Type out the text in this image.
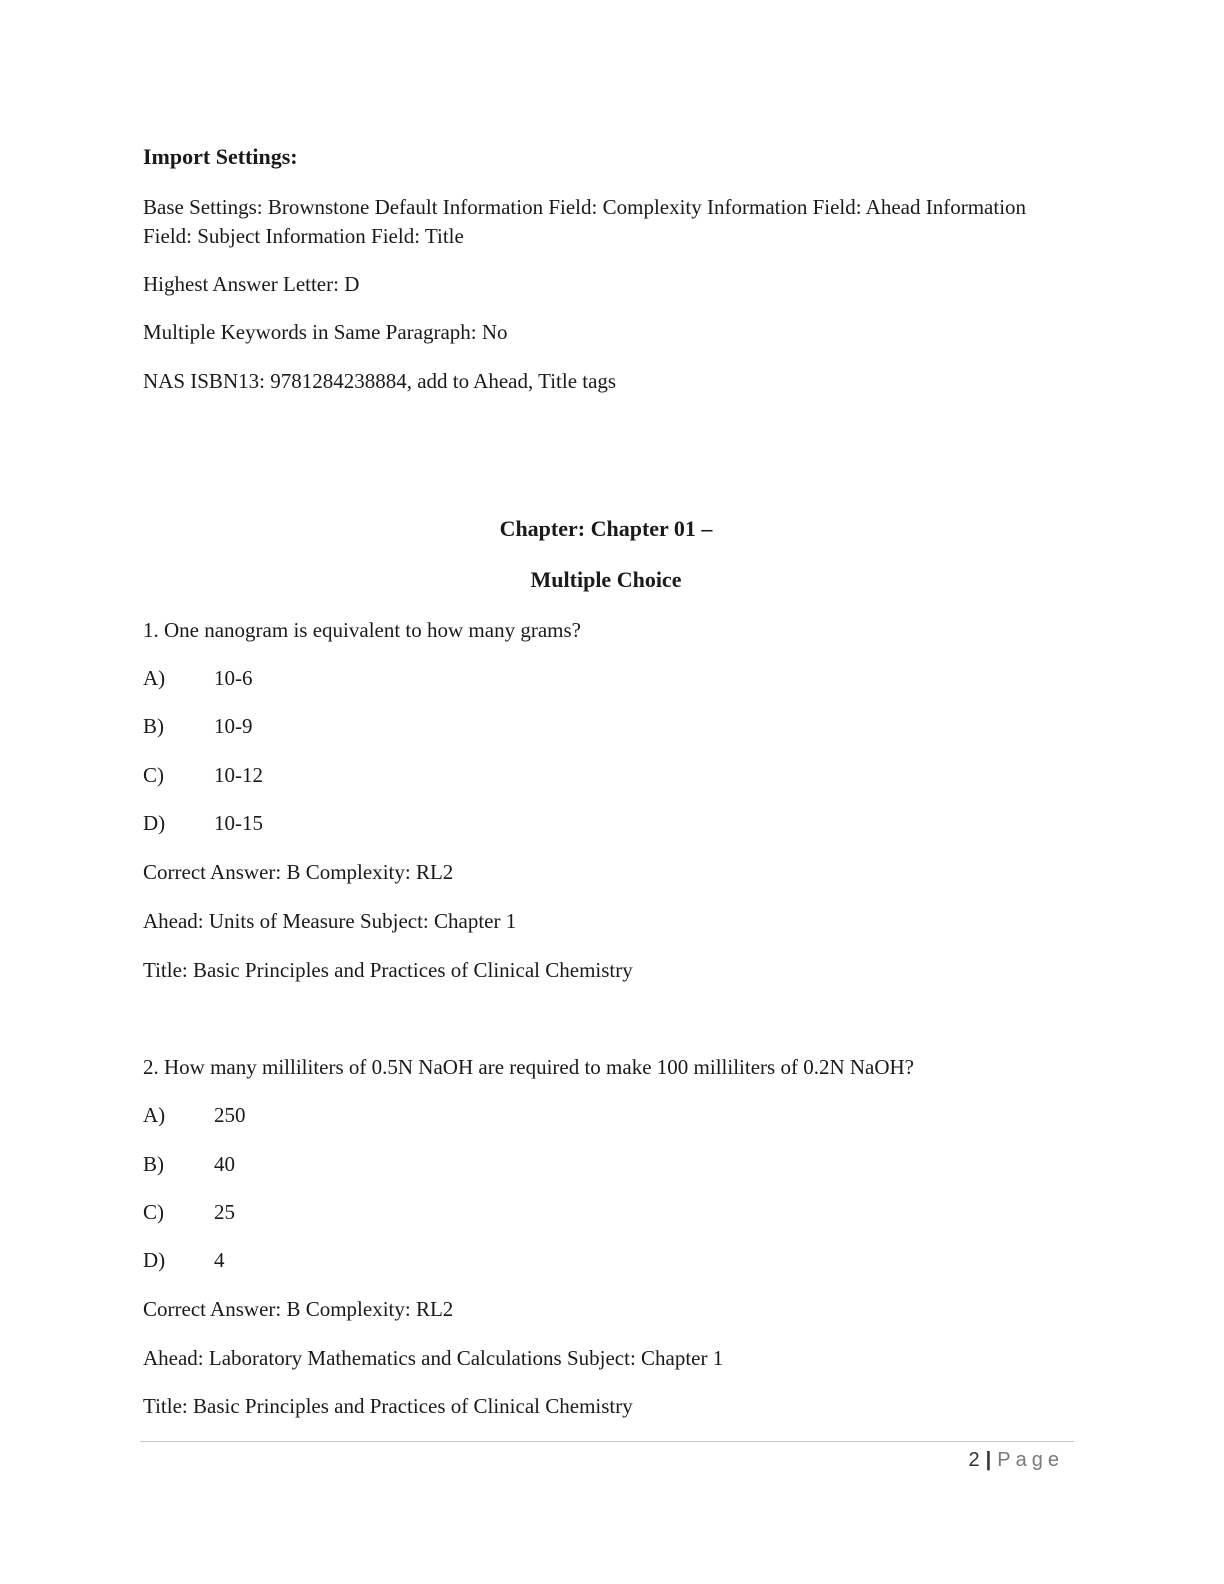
Import Settings:
Base Settings: Brownstone Default Information Field: Complexity Information Field: Ahead Information
Field: Subject Information Field: Title
Highest Answer Letter: D
Multiple Keywords in Same Paragraph: No
NAS ISBN13: 9781284238884, add to Ahead, Title tags
Chapter: Chapter 01 –
Multiple Choice
1. One nanogram is equivalent to how many grams?
A) 10-6
B) 10-9
C) 10-12
D) 10-15
Correct Answer: B Complexity: RL2
Ahead: Units of Measure Subject: Chapter 1
Title: Basic Principles and Practices of Clinical Chemistry
2. How many milliliters of 0.5N NaOH are required to make 100 milliliters of 0.2N NaOH?
A) 250
B) 40
C) 25
D) 4
Correct Answer: B Complexity: RL2
Ahead: Laboratory Mathematics and Calculations Subject: Chapter 1
Title: Basic Principles and Practices of Clinical Chemistry
2 | Page
